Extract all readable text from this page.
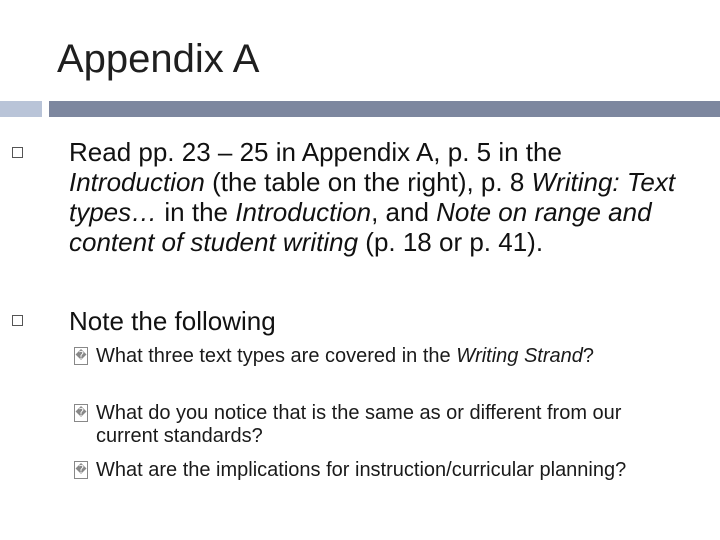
Appendix A
Read pp. 23 – 25 in Appendix A, p. 5 in the Introduction (the table on the right), p. 8 Writing: Text types… in the Introduction, and Note on range and content of student writing (p. 18 or p. 41).
Note the following
� What three text types are covered in the Writing Strand?
� What do you notice that is the same as or different from our current standards?
� What are the implications for instruction/curricular planning?
